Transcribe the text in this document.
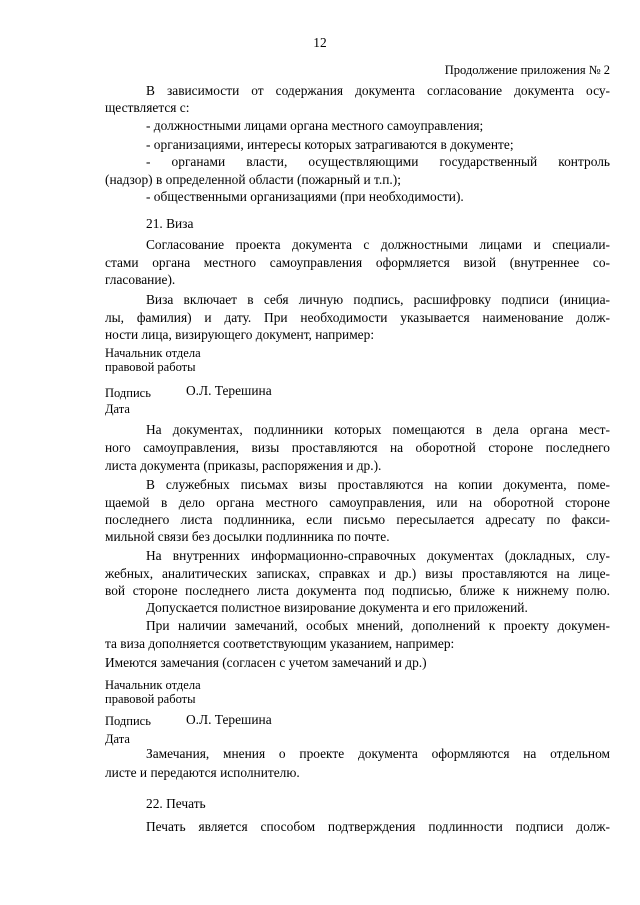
12
Продолжение приложения № 2
В зависимости от содержания документа согласование документа осу-
ществляется с:
- должностными лицами органа местного самоуправления;
- организациями, интересы которых затрагиваются в документе;
- органами власти, осуществляющими государственный контроль
(надзор) в определенной области (пожарный и т.п.);
- общественными организациями (при необходимости).
21. Виза
Согласование проекта документа с должностными лицами и специали-
стами органа местного самоуправления оформляется визой (внутреннее со-
гласование).
Виза включает в себя личную подпись, расшифровку подписи (инициа-
лы, фамилия) и дату. При необходимости указывается наименование долж-
ности лица, визирующего документ, например:
Начальник отдела
правовой работы
Подпись	О.Л. Терешина
Дата
На документах, подлинники которых помещаются в дела органа мест-
ного самоуправления, визы проставляются на оборотной стороне последнего
листа документа (приказы, распоряжения и др.).
В служебных письмах визы проставляются на копии документа, поме-
щаемой в дело органа местного самоуправления, или на оборотной стороне
последнего листа подлинника, если письмо пересылается адресату по факси-
мильной связи без досылки подлинника по почте.
На внутренних информационно-справочных документах (докладных, слу-
жебных, аналитических записках, справках и др.) визы проставляются на лице-
вой стороне последнего листа документа под подписью, ближе к нижнему полю.
Допускается полистное визирование документа и его приложений.
При наличии замечаний, особых мнений, дополнений к проекту докумен-
та виза дополняется соответствующим указанием, например:
Имеются замечания (согласен с учетом замечаний и др.)
Начальник отдела
правовой работы
Подпись	О.Л. Терешина
Дата
Замечания, мнения о проекте документа оформляются на отдельном
листе и передаются исполнителю.
22. Печать
Печать является способом подтверждения подлинности подписи долж-
